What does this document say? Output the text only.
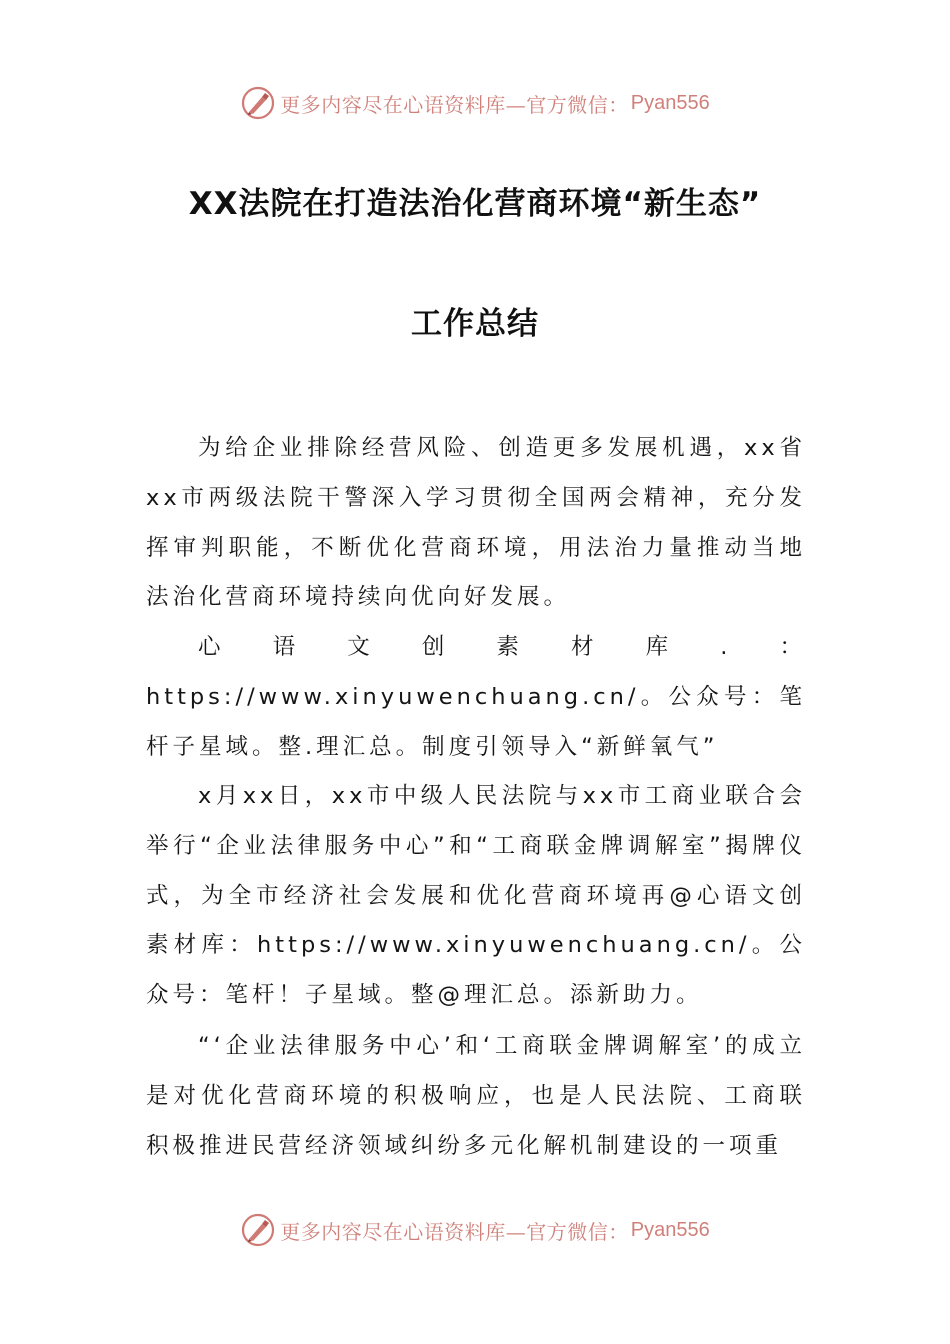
更多内容尽在心语资料库—官方微信： Pyan556
XX法院在打造法治化营商环境“新生态”
工作总结

为给企业排除经营风险、创造更多发展机遇，xx省xx市两级法院干警深入学习贯彻全国两会精神，充分发挥审判职能，不断优化营商环境，用法治力量推动当地法治化营商环境持续向优向好发展。

心语文创素材库.：https://www.xinyuwenchuang.cn/。公众号：笔杆子星域。整.理汇总。制度引领导入“新鲜氧气”

x月xx日，xx市中级人民法院与xx市工商业联合会举行“企业法律服务中心”和“工商联金牌调解室”揭牌仪式，为全市经济社会发展和优化营商环境再@心语文创素材库：https://www.xinyuwenchuang.cn/。公众号：笔杆！子星域。整@理汇总。添新助力。

“‘企业法律服务中心’和‘工商联金牌调解室’的成立是对优化营商环境的积极响应，也是人民法院、工商联积极推进民营经济领域纠纷多元化解机制建设的一项重

更多内容尽在心语资料库—官方微信： Pyan556
